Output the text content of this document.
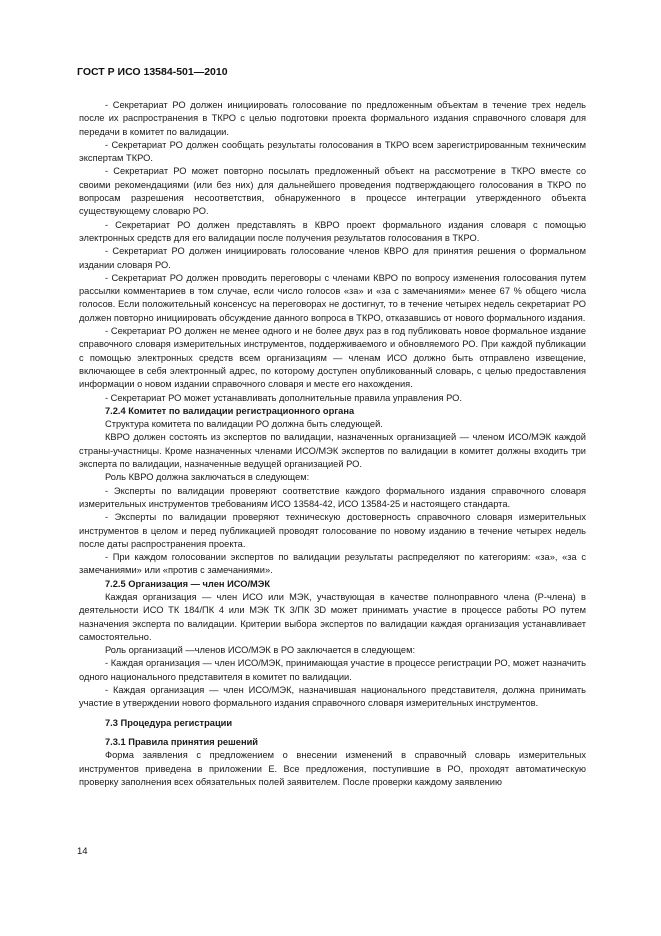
ГОСТ Р ИСО 13584-501—2010

- Секретариат РО должен инициировать голосование по предложенным объектам в течение трех недель после их распространения в ТКРО с целью подготовки проекта формального издания справочного словаря для передачи в комитет по валидации.

- Секретариат РО должен сообщать результаты голосования в ТКРО всем зарегистрированным техническим экспертам ТКРО.

- Секретариат РО может повторно посылать предложенный объект на рассмотрение в ТКРО вместе со своими рекомендациями (или без них) для дальнейшего проведения подтверждающего голосования в ТКРО по вопросам разрешения несоответствия, обнаруженного в процессе интеграции утвержденного объекта существующему словарю РО.

- Секретариат РО должен представлять в КВРО проект формального издания словаря с помощью электронных средств для его валидации после получения результатов голосования в ТКРО.

- Секретариат РО должен инициировать голосование членов КВРО для принятия решения о формальном издании словаря РО.

- Секретариат РО должен проводить переговоры с членами КВРО по вопросу изменения голосования путем рассылки комментариев в том случае, если число голосов «за» и «за с замечаниями» менее 67 % общего числа голосов. Если положительный консенсус на переговорах не достигнут, то в течение четырех недель секретариат РО должен повторно инициировать обсуждение данного вопроса в ТКРО, отказавшись от нового формального издания.

- Секретариат РО должен не менее одного и не более двух раз в год публиковать новое формальное издание справочного словаря измерительных инструментов, поддерживаемого и обновляемого РО. При каждой публикации с помощью электронных средств всем организациям — членам ИСО должно быть отправлено извещение, включающее в себя электронный адрес, по которому доступен опубликованный словарь, с целью предоставления информации о новом издании справочного словаря и месте его нахождения.

- Секретариат РО может устанавливать дополнительные правила управления РО.

7.2.4 Комитет по валидации регистрационного органа

Структура комитета по валидации РО должна быть следующей.

КВРО должен состоять из экспертов по валидации, назначенных организацией — членом ИСО/МЭК каждой страны-участницы. Кроме назначенных членами ИСО/МЭК экспертов по валидации в комитет должны входить три эксперта по валидации, назначенные ведущей организацией РО.

Роль КВРО должна заключаться в следующем:

- Эксперты по валидации проверяют соответствие каждого формального издания справочного словаря измерительных инструментов требованиям ИСО 13584-42, ИСО 13584-25 и настоящего стандарта.

- Эксперты по валидации проверяют техническую достоверность справочного словаря измерительных инструментов в целом и перед публикацией проводят голосование по новому изданию в течение четырех недель после даты распространения проекта.

- При каждом голосовании экспертов по валидации результаты распределяют по категориям: «за», «за с замечаниями» или «против с замечаниями».

7.2.5 Организация — член ИСО/МЭК

Каждая организация — член ИСО или МЭК, участвующая в качестве полноправного члена (Р-члена) в деятельности ИСО ТК 184/ПК 4 или МЭК ТК 3/ПК 3D может принимать участие в процессе работы РО путем назначения эксперта по валидации. Критерии выбора экспертов по валидации каждая организация устанавливает самостоятельно.

Роль организаций —членов ИСО/МЭК в РО заключается в следующем:

- Каждая организация — член ИСО/МЭК, принимающая участие в процессе регистрации РО, может назначить одного национального представителя в комитет по валидации.

- Каждая организация — член ИСО/МЭК, назначившая национального представителя, должна принимать участие в утверждении нового формального издания справочного словаря измерительных инструментов.

7.3 Процедура регистрации

7.3.1 Правила принятия решений

Форма заявления с предложением о внесении изменений в справочный словарь измерительных инструментов приведена в приложении Е. Все предложения, поступившие в РО, проходят автоматическую проверку заполнения всех обязательных полей заявителем. После проверки каждому заявлению

14
